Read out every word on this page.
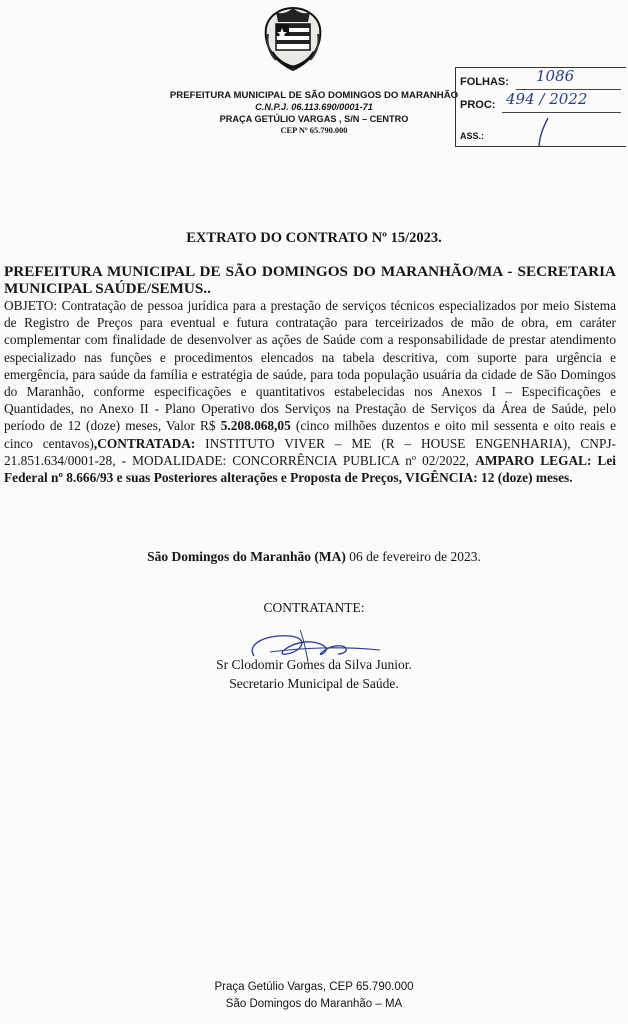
PREFEITURA MUNICIPAL DE SÃO DOMINGOS DO MARANHÃO
C.N.P.J. 06.113.690/0001-71
PRAÇA GETÚLIO VARGAS , S/N – CENTRO
CEP Nº 65.790.000
FOLHAS: 1086
PROC: 494 / 2022
ASS.:
EXTRATO DO CONTRATO Nº 15/2023.
PREFEITURA MUNICIPAL DE SÃO DOMINGOS DO MARANHÃO/MA - SECRETARIA MUNICIPAL SAÚDE/SEMUS..
OBJETO: Contratação de pessoa jurídica para a prestação de serviços técnicos especializados por meio Sistema de Registro de Preços para eventual e futura contratação para terceirizados de mão de obra, em caráter complementar com finalidade de desenvolver as ações de Saúde com a responsabilidade de prestar atendimento especializado nas funções e procedimentos elencados na tabela descritiva, com suporte para urgência e emergência, para saúde da família e estratégia de saúde, para toda população usuária da cidade de São Domingos do Maranhão, conforme especificações e quantitativos estabelecidas nos Anexos I – Especificações e Quantidades, no Anexo II - Plano Operativo dos Serviços na Prestação de Serviços da Área de Saúde, pelo período de 12 (doze) meses, Valor R$ 5.208.068,05 (cinco milhões duzentos e oito mil sessenta e oito reais e cinco centavos),CONTRATADA: INSTITUTO VIVER – ME (R – HOUSE ENGENHARIA), CNPJ-21.851.634/0001-28, - MODALIDADE: CONCORRÊNCIA PUBLICA nº 02/2022, AMPARO LEGAL: Lei Federal nº 8.666/93 e suas Posteriores alterações e Proposta de Preços, VIGÊNCIA: 12 (doze) meses.
São Domingos do Maranhão (MA) 06 de fevereiro de 2023.
CONTRATANTE:
Sr Clodomir Gomes da Silva Junior.
Secretario Municipal de Saúde.
Praça Getúlio Vargas, CEP 65.790.000
São Domingos do Maranhão – MA
